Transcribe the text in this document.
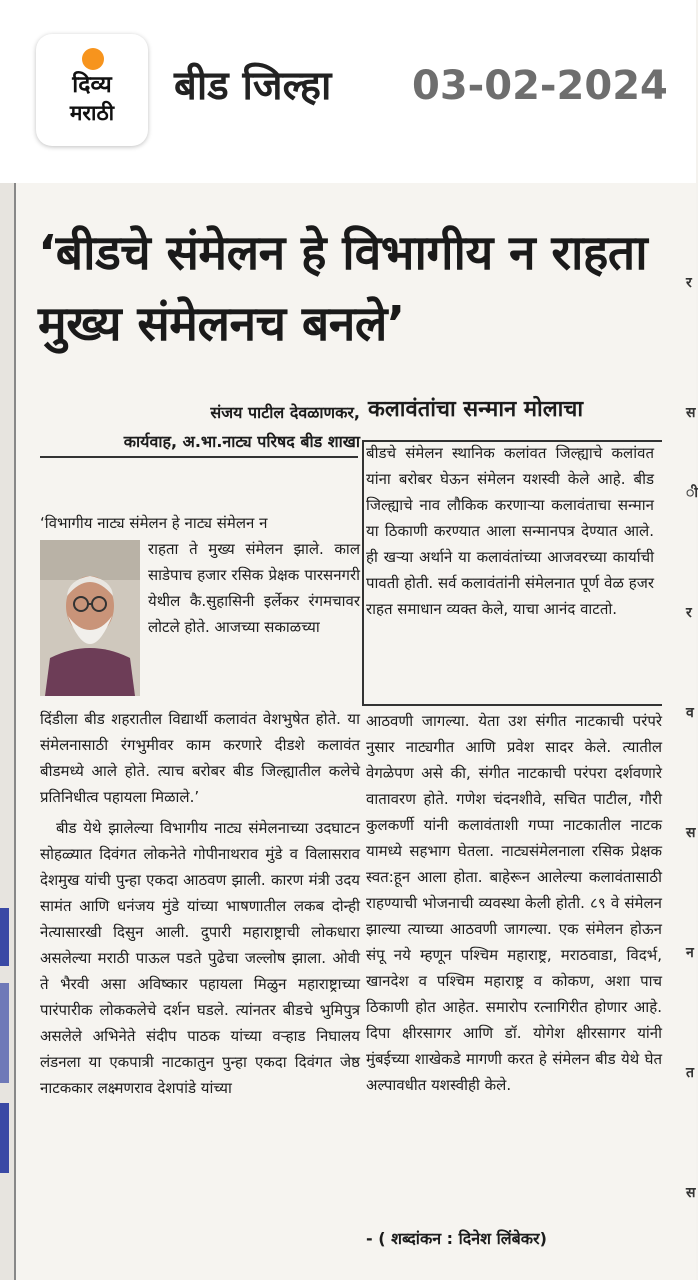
दिव्य
मराठी
बीड जिल्हा 03-02-2024
र
स
ी
र
व
स
न
त
स
‘बीडचे संमेलन हे विभागीय न राहता मुख्य संमेलनच बनले’
संजय पाटील देवळाणकर,
कार्यवाह, अ.भा.नाट्य परिषद बीड शाखा
कलावंतांचा सन्मान मोलाचा
बीडचे संमेलन स्थानिक कलांवत जिल्ह्याचे कलांवत यांना बरोबर घेऊन संमेलन यशस्वी केले आहे. बीड जिल्ह्याचे नाव लौकिक करणाऱ्या कलावंताचा सन्मान या ठिकाणी करण्यात आला सन्मानपत्र देण्यात आले. ही खऱ्या अर्थाने या कलावंतांच्या आजवरच्या कार्याची पावती होती. सर्व कलावंतांनी संमेलनात पूर्ण वेळ हजर राहत समाधान व्यक्त केले, याचा आनंद वाटतो.
‘विभागीय नाट्य संमेलन हे नाट्य संमेलन न
राहता ते मुख्य संमेलन झाले. काल साडेपाच हजार रसिक प्रेक्षक पारसनगरी येथील कै.सुहासिनी इर्लेकर रंगमचावर लोटले होते. आजच्या सकाळच्या
दिंडीला बीड शहरातील विद्यार्थी कलावंत वेशभुषेत होते. या संमेलनासाठी रंगभुमीवर काम करणारे दीडशे कलावंत बीडमध्ये आले होते. त्याच बरोबर बीड जिल्ह्यातील कलेचे प्रतिनिधीत्व पहायला मिळाले.’
बीड येथे झालेल्या विभागीय नाट्य संमेलनाच्या उदघाटन सोहळ्यात दिवंगत लोकनेते गोपीनाथराव मुंडे व विलासराव देशमुख यांची पुन्हा एकदा आठवण झाली. कारण मंत्री उदय सामंत आणि धनंजय मुंडे यांच्या भाषणातील लकब दोन्ही नेत्यासारखी दिसुन आली. दुपारी महाराष्ट्राची लोकधारा असलेल्या मराठी पाऊल पडते पुढेचा जल्लोष झाला. ओवी ते भैरवी असा अविष्कार पहायला मिळुन महाराष्ट्राच्या पारंपारीक लोककलेचे दर्शन घडले. त्यांनतर बीडचे भुमिपुत्र असलेले अभिनेते संदीप पाठक यांच्या वऱ्हाड निघालय लंडनला या एकपात्री नाटकातुन पुन्हा एकदा दिवंगत जेष्ठ नाटककार लक्ष्मणराव देशपांडे यांच्या
आठवणी जागल्या. येता उश संगीत नाटकाची परंपरे नुसार नाट्यगीत आणि प्रवेश सादर केले. त्यातील वेगळेपण असे की, संगीत नाटकाची परंपरा दर्शवणारे वातावरण होते. गणेश चंदनशीवे, सचित पाटील, गौरी कुलकर्णी यांनी कलावंताशी गप्पा नाटकातील नाटक यामध्ये सहभाग घेतला. नाट्यसंमेलनाला रसिक प्रेक्षक स्वत:हून आला होता. बाहेरून आलेल्या कलावंतासाठी राहण्याची भोजनाची व्यवस्था केली होती. ८९ वे संमेलन झाल्या त्याच्या आठवणी जागल्या. एक संमेलन होऊन संपू नये म्हणून पश्चिम महाराष्ट्र, मराठवाडा, विदर्भ, खानदेश व पश्चिम महाराष्ट्र व कोकण, अशा पाच ठिकाणी होत आहेत. समारोप रत्नागिरीत होणार आहे. दिपा क्षीरसागर आणि डॉ. योगेश क्षीरसागर यांनी मुंबईच्या शाखेकडे मागणी करत हे संमेलन बीड येथे घेत अल्पावधीत यशस्वीही केले.
- ( शब्दांकन : दिनेश लिंबेकर)
